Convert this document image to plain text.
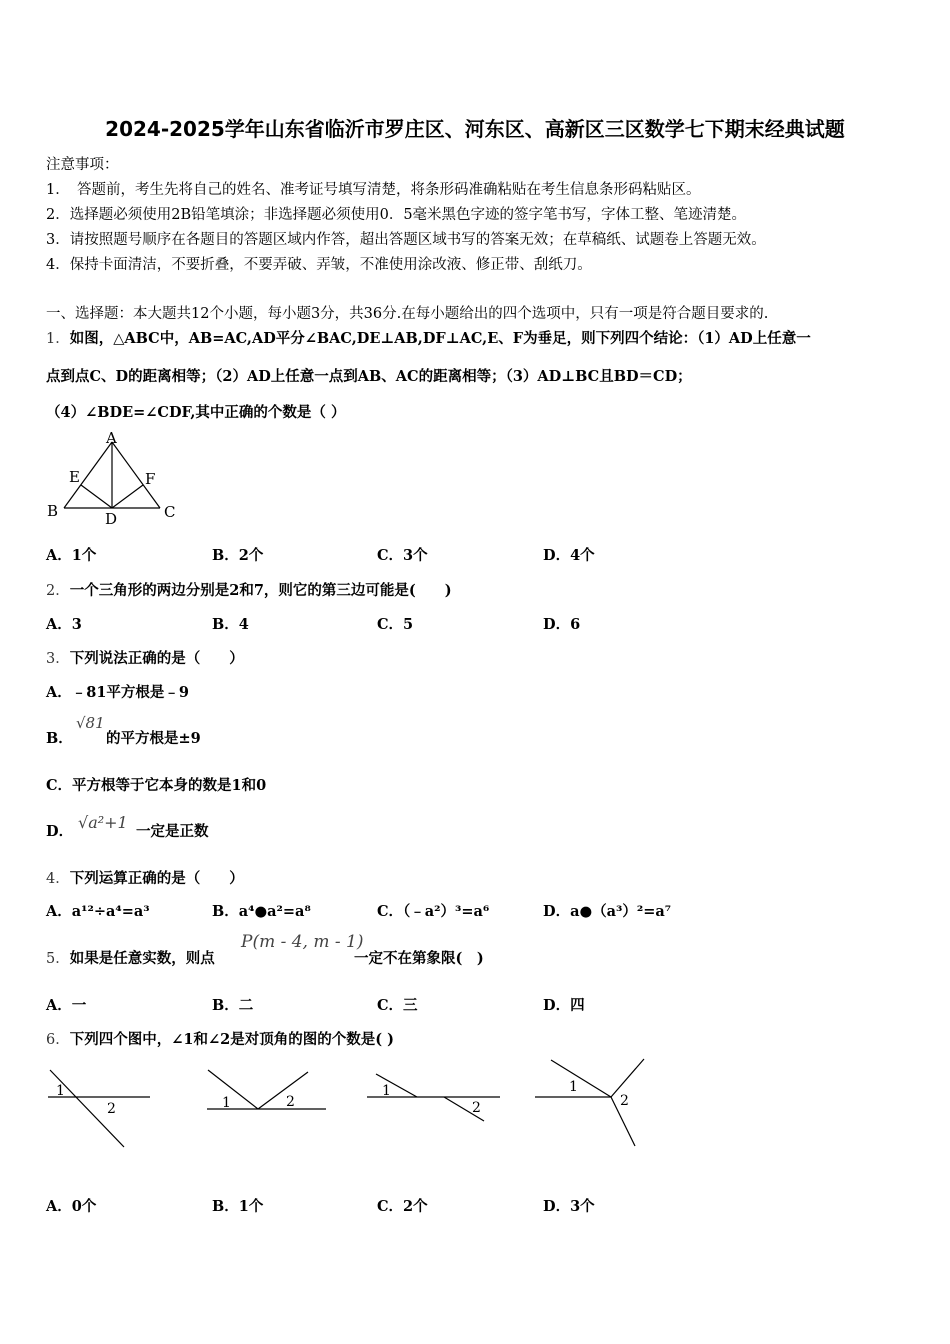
2024-2025学年山东省临沂市罗庄区、河东区、高新区三区数学七下期末经典试题
注意事项：
1．　答题前，考生先将自己的姓名、准考证号填写清楚，将条形码准确粘贴在考生信息条形码粘贴区。
2．选择题必须使用2B铅笔填涂；非选择题必须使用0．5毫米黑色字迹的签字笔书写，字体工整、笔迹清楚。
3．请按照题号顺序在各题目的答题区域内作答，超出答题区域书写的答案无效；在草稿纸、试题卷上答题无效。
4．保持卡面清洁，不要折叠，不要弄破、弄皱，不准使用涂改液、修正带、刮纸刀。
一、选择题：本大题共12个小题，每小题3分，共36分.在每小题给出的四个选项中，只有一项是符合题目要求的.
1．如图，△ABC中，AB=AC,AD平分∠BAC,DE⊥AB,DF⊥AC,E、F为垂足，则下列四个结论：（1）AD上任意一
点到点C、D的距离相等；（2）AD上任意一点到AB、AC的距离相等；（3）AD⊥BC且BD＝CD；
（4）∠BDE=∠CDF,其中正确的个数是（ ）
A
B	C
D
E	F
A．1个	B．2个	C．3个	D．4个
2．一个三角形的两边分别是2和7，则它的第三边可能是(　　)
A．3	B．4	C．5	D．6
3．下列说法正确的是（　　）
A．﹣81平方根是﹣9
B．
√81
的平方根是±9
C．平方根等于它本身的数是1和0
D． √a²+1 一定是正数
4．下列运算正确的是（　　）
A．a¹²÷a⁴=a³	B．a⁴●a²=a⁸	C．（﹣a²）³=a⁶	D．a●（a³）²=a⁷
5．如果是任意实数，则点
P(m - 4, m - 1)
一定不在第象限(　)
A．一	B．二	C．三	D．四
6．下列四个图中，∠1和∠2是对顶角的图的个数是( )
1
2	1	2
1
2
1
2
A．0个	B．1个	C．2个	D．3个
